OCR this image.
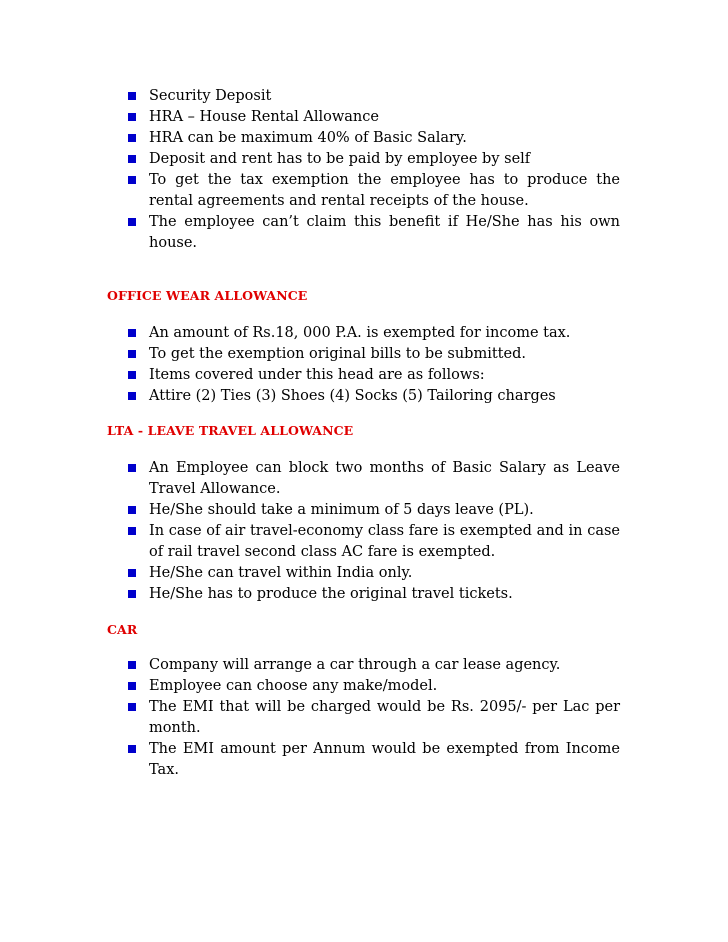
Security Deposit
HRA – House Rental Allowance
HRA can be maximum 40% of Basic Salary.
Deposit and rent has to be paid by employee by self
To get the tax exemption the employee has to produce the rental agreements and rental receipts of the house.
The employee can’t claim this benefit if He/She has his own house.
OFFICE WEAR ALLOWANCE
An amount of Rs.18, 000 P.A. is exempted for income tax.
To get the exemption original bills to be submitted.
Items covered under this head are as follows:
Attire (2) Ties (3) Shoes (4) Socks (5) Tailoring charges
LTA - LEAVE TRAVEL ALLOWANCE
An Employee can block two months of Basic Salary as Leave Travel Allowance.
He/She should take a minimum of 5 days leave (PL).
In case of air travel-economy class fare is exempted and in case of rail travel second class AC fare is exempted.
He/She can travel within India only.
He/She has to produce the original travel tickets.
CAR
Company will arrange a car through a car lease agency.
Employee can choose any make/model.
The EMI that will be charged would be Rs. 2095/- per Lac per month.
The EMI amount per Annum would be exempted from Income Tax.
